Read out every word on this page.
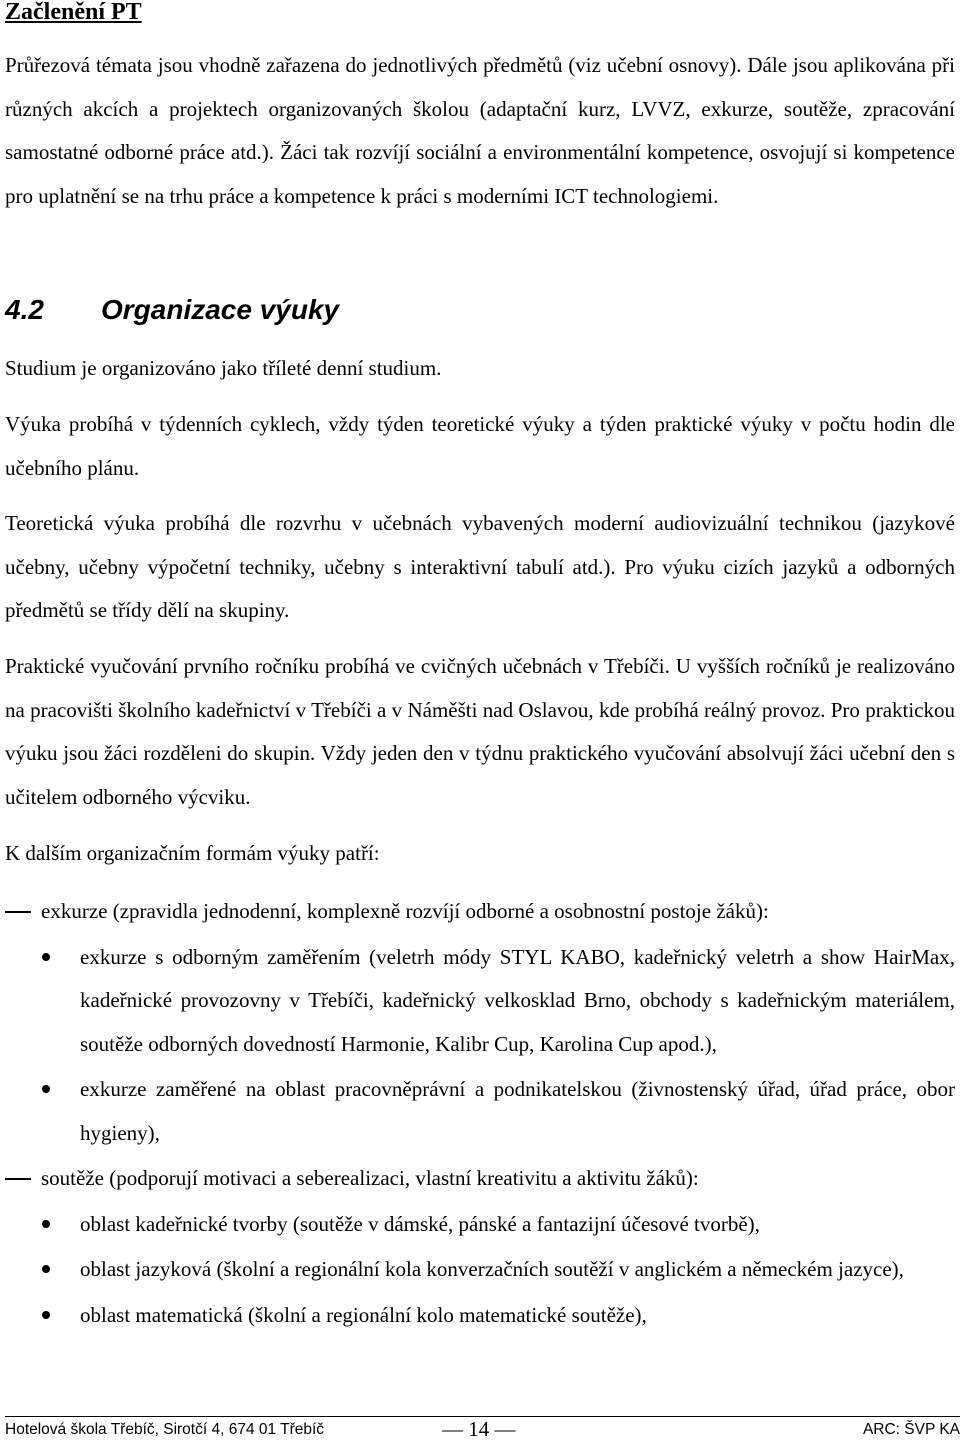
Začlenění PT

Průřezová témata jsou vhodně zařazena do jednotlivých předmětů (viz učební osnovy). Dále jsou aplikována při různých akcích a projektech organizovaných školou (adaptační kurz, LVVZ, exkurze, soutěže, zpracování samostatné odborné práce atd.). Žáci tak rozvíjí sociální a environmentální kompetence, osvojují si kompetence pro uplatnění se na trhu práce a kompetence k práci s moderními ICT technologiemi.

4.2 Organizace výuky

Studium je organizováno jako tříleté denní studium.

Výuka probíhá v týdenních cyklech, vždy týden teoretické výuky a týden praktické výuky v počtu hodin dle učebního plánu.

Teoretická výuka probíhá dle rozvrhu v učebnách vybavených moderní audiovizuální technikou (jazykové učebny, učebny výpočetní techniky, učebny s interaktivní tabulí atd.). Pro výuku cizích jazyků a odborných předmětů se třídy dělí na skupiny.

Praktické vyučování prvního ročníku probíhá ve cvičných učebnách v Třebíči. U vyšších ročníků je realizováno na pracovišti školního kadeřnictví v Třebíči a v Náměšti nad Oslavou, kde probíhá reálný provoz. Pro praktickou výuku jsou žáci rozděleni do skupin. Vždy jeden den v týdnu praktického vyučování absolvují žáci učební den s učitelem odborného výcviku.

K dalším organizačním formám výuky patří:

exkurze (zpravidla jednodenní, komplexně rozvíjí odborné a osobnostní postoje žáků):
exkurze s odborným zaměřením (veletrh módy STYL KABO, kadeřnický veletrh a show HairMax, kadeřnické provozovny v Třebíči, kadeřnický velkosklad Brno, obchody s kadeřnickým materiálem, soutěže odborných dovedností Harmonie, Kalibr Cup, Karolina Cup apod.),
exkurze zaměřené na oblast pracovněprávní a podnikatelskou (živnostenský úřad, úřad práce, obor hygieny),
soutěže (podporují motivaci a seberealizaci, vlastní kreativitu a aktivitu žáků):
oblast kadeřnické tvorby (soutěže v dámské, pánské a fantazijní účesové tvorbě),
oblast jazyková (školní a regionální kola konverzačních soutěží v anglickém a německém jazyce),
oblast matematická (školní a regionální kolo matematické soutěže),
Hotelová škola Třebíč, Sirotčí 4, 674 01 Třebíč	— 14 —	ARC: ŠVP KA
